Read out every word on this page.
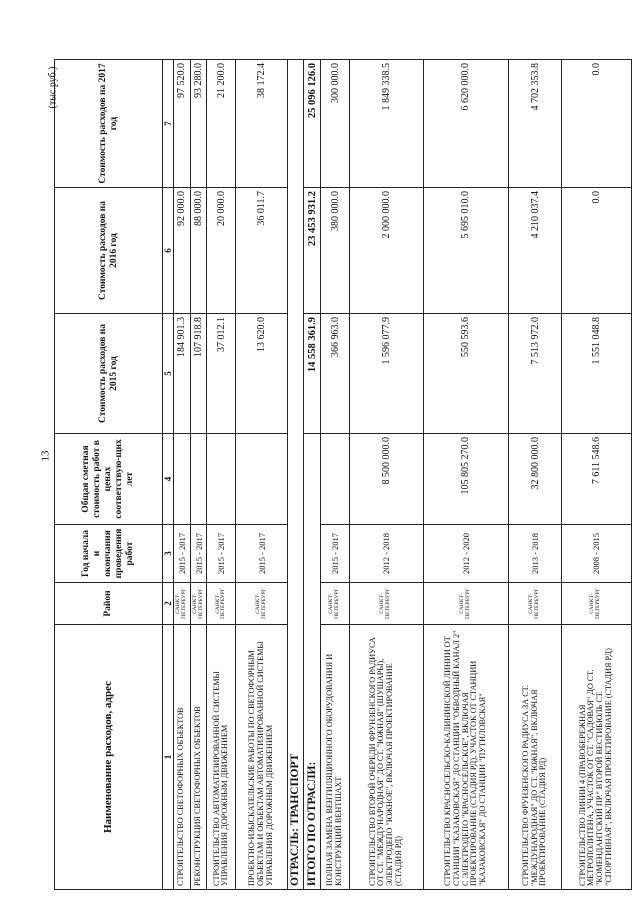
13
(тыс.руб.)
Наименование расходов, адрес	Район	Год начала и окончания проведения работ	Общая сметная стоимость работ в ценах соответствую-щих лет	Стоимость расходов на 2015 год	Стоимость расходов на 2016 год	Стоимость расходов на 2017 год
1	2	3	4	5	6	7
СТРОИТЕЛЬСТВО СВЕТОФОРНЫХ ОБЪЕКТОВ	САНКТ-ПЕТЕРБУРГ	2015 - 2017		184 901.3	92 000.0	97 520.0
РЕКОНСТРУКЦИЯ СВЕТОФОРНЫХ ОБЪЕКТОВ	САНКТ-ПЕТЕРБУРГ	2015 - 2017		107 918.8	88 000.0	93 280.0
СТРОИТЕЛЬСТВО АВТОМАТИЗИРОВАННОЙ СИСТЕМЫ УПРАВЛЕНИЯ ДОРОЖНЫМ ДВИЖЕНИЕМ	САНКТ-ПЕТЕРБУРГ	2015 - 2017		37 012.1	20 000.0	21 200.0
ПРОЕКТНО-ИЗЫСКАТЕЛЬСКИЕ РАБОТЫ ПО СВЕТОФОРНЫМ ОБЪЕКТАМ И ОБЪЕКТАМ АВТОМАТИЗИРОВАННОЙ СИСТЕМЫ УПРАВЛЕНИЯ ДОРОЖНЫМ ДВИЖЕНИЕМ	САНКТ-ПЕТЕРБУРГ	2015 - 2017		13 620.0	36 011.7	38 172.4
ОТРАСЛЬ: ТРАНСПОРТ						
ИТОГО ПО ОТРАСЛИ:				14 558 361.9	23 453 931.2	25 096 126.0
ПОЛНАЯ ЗАМЕНА ВЕНТИЛЯЦИОННОГО ОБОРУДОВАНИЯ И КОНСТРУКЦИЙ ВЕНТШАХТ	САНКТ-ПЕТЕРБУРГ	2015 - 2017		366 963.0	380 000.0	300 000.0
СТРОИТЕЛЬСТВО ВТОРОЙ ОЧЕРЕДИ ФРУНЗЕНСКОГО РАДИУСА ОТ СТ. "МЕЖДУНАРОДНАЯ" ДО СТ. "ЮЖНАЯ" (ШУШАРЫ), ЭЛЕКТРОДЕПО "ЮЖНОЕ", ВКЛЮЧАЯ ПРОЕКТИРОВАНИЕ (СТАДИЯ РД)	САНКТ-ПЕТЕРБУРГ	2012 - 2018	8 500 000.0	1 596 077.9	2 000 000.0	1 849 338.5
СТРОИТЕЛЬСТВО КРАСНОСЕЛЬСКО-КАЛИНИНСКОЙ ЛИНИИ ОТ СТАНЦИИ "КАЗАКОВСКАЯ" ДО СТАНЦИИ "ОБВОДНЫЙ КАНАЛ 2" С ЭЛЕКТРОДЕПО "КРАСНОСЕЛЬСКОЕ", ВКЛЮЧАЯ ПРОЕКТИРОВАНИЕ (СТАДИЯ РД), УЧАСТОК ОТ СТАНЦИИ "КАЗАКОВСКАЯ" ДО СТАНЦИИ "ПУТИЛОВСКАЯ"	САНКТ-ПЕТЕРБУРГ	2012 - 2020	105 805 270.0	550 593.6	5 695 010.0	6 620 000.0
СТРОИТЕЛЬСТВО ФРУНЗЕНСКОГО РАДИУСА ЗА СТ. "МЕЖДУНАРОДНАЯ" ДО СТ. "ЮЖНАЯ", ВКЛЮЧАЯ ПРОЕКТИРОВАНИЕ (СТАДИЯ РД)	САНКТ-ПЕТЕРБУРГ	2013 - 2018	32 800 000.0	7 513 972.0	4 210 037.4	4 702 353.8
СТРОИТЕЛЬСТВО ЛИНИИ 4 (ПРАВОБЕРЕЖНАЯ МЕТРОПОЛИТЕНА, УЧАСТОК ОТ СТ. "САДОВАЯ" ДО СТ. "КОМЕНДАНТСКИЙ ПР." ВТОРОЙ ВЕСТИБЮЛЬ СТ. "СПОРТИВНАЯ", ВКЛЮЧАЯ ПРОЕКТИРОВАНИЕ (СТАДИЯ РД)	САНКТ-ПЕТЕРБУРГ	2008 - 2015	7 611 548.6	1 551 048.8	0.0	0.0
